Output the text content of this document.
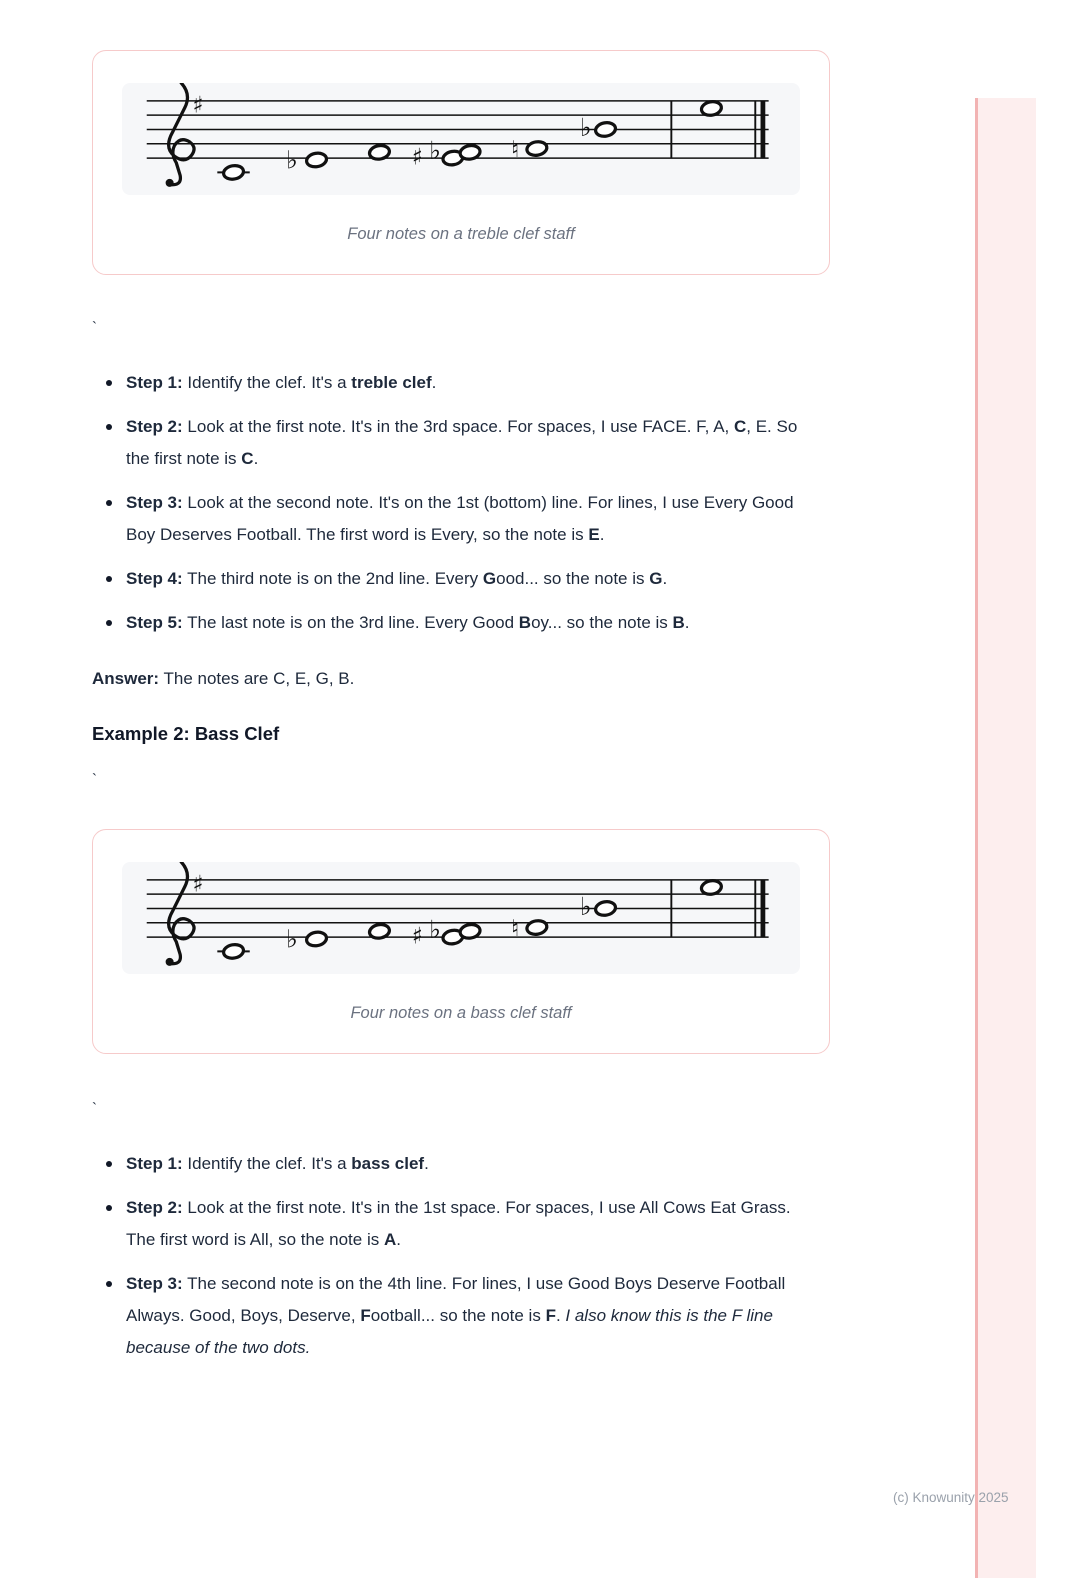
♯
♭	♯ ♭	♮
♭
Four notes on a treble clef staff
`
Step 1: Identify the clef. It's a treble clef.
Step 2: Look at the first note. It's in the 3rd space. For spaces, I use FACE. F, A, C, E. So the first note is C.
Step 3: Look at the second note. It's on the 1st (bottom) line. For lines, I use Every Good Boy Deserves Football. The first word is Every, so the note is E.
Step 4: The third note is on the 2nd line. Every Good... so the note is G.
Step 5: The last note is on the 3rd line. Every Good Boy... so the note is B.

Answer: The notes are C, E, G, B.

Example 2: Bass Clef
`
♯
♭	♯ ♭	♮
♭
Four notes on a bass clef staff
`
Step 1: Identify the clef. It's a bass clef.
Step 2: Look at the first note. It's in the 1st space. For spaces, I use All Cows Eat Grass. The first word is All, so the note is A.
Step 3: The second note is on the 4th line. For lines, I use Good Boys Deserve Football Always. Good, Boys, Deserve, Football... so the note is F. I also know this is the F line because of the two dots.
(c) Knowunity 2025
